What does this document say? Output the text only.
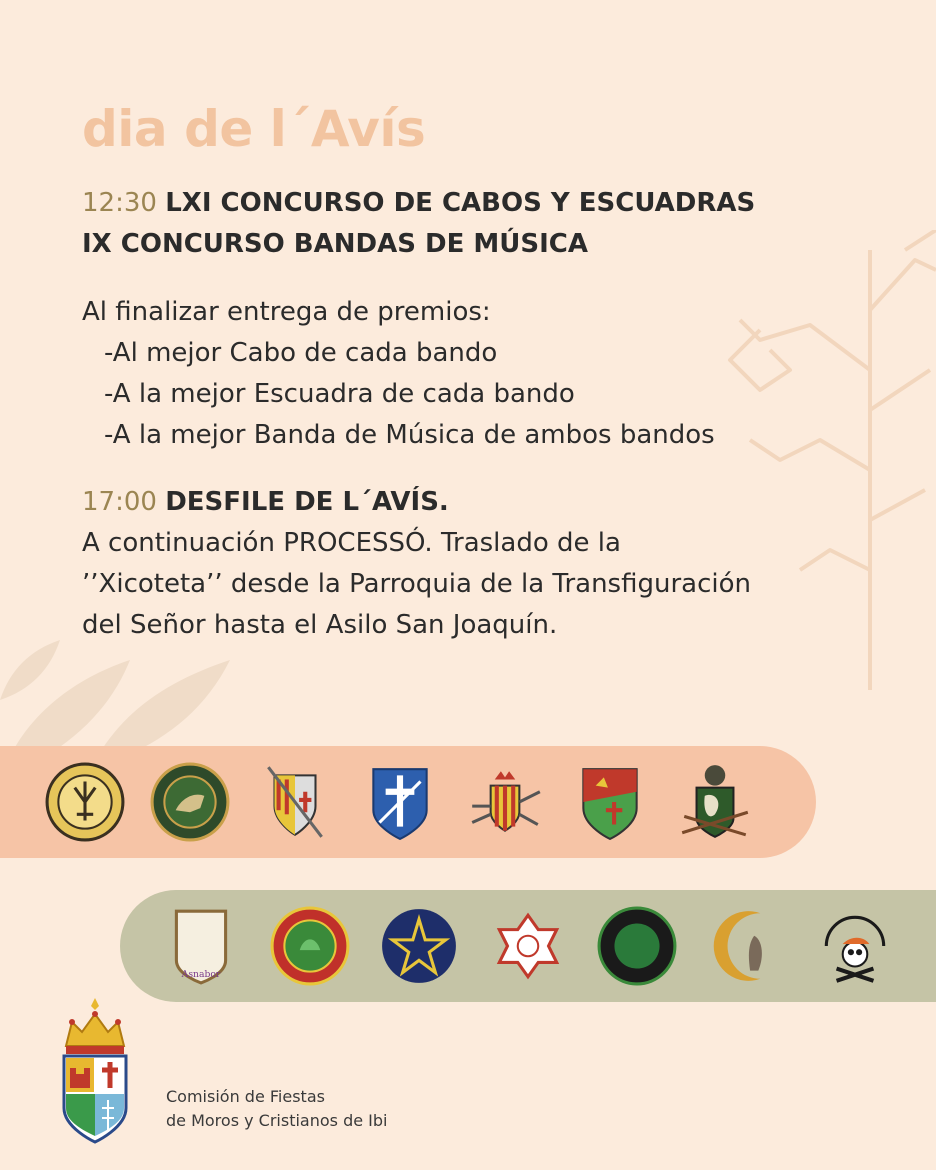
dia de l´Avís
12:30 LXI CONCURSO DE CABOS Y ESCUADRAS
IX CONCURSO BANDAS DE MÚSICA
Al finalizar entrega de premios:
-Al mejor Cabo de cada bando
-A la mejor Escuadra de cada bando
-A la mejor Banda de Música de ambos bandos
17:00 DESFILE DE L´AVÍS.
A continuación PROCESSÓ. Traslado de la
’’Xicoteta’’ desde la Parroquia de la Transfiguración
del Señor hasta el Asilo San Joaquín.
Asnabor
Comisión de Fiestas
de Moros y Cristianos de Ibi
